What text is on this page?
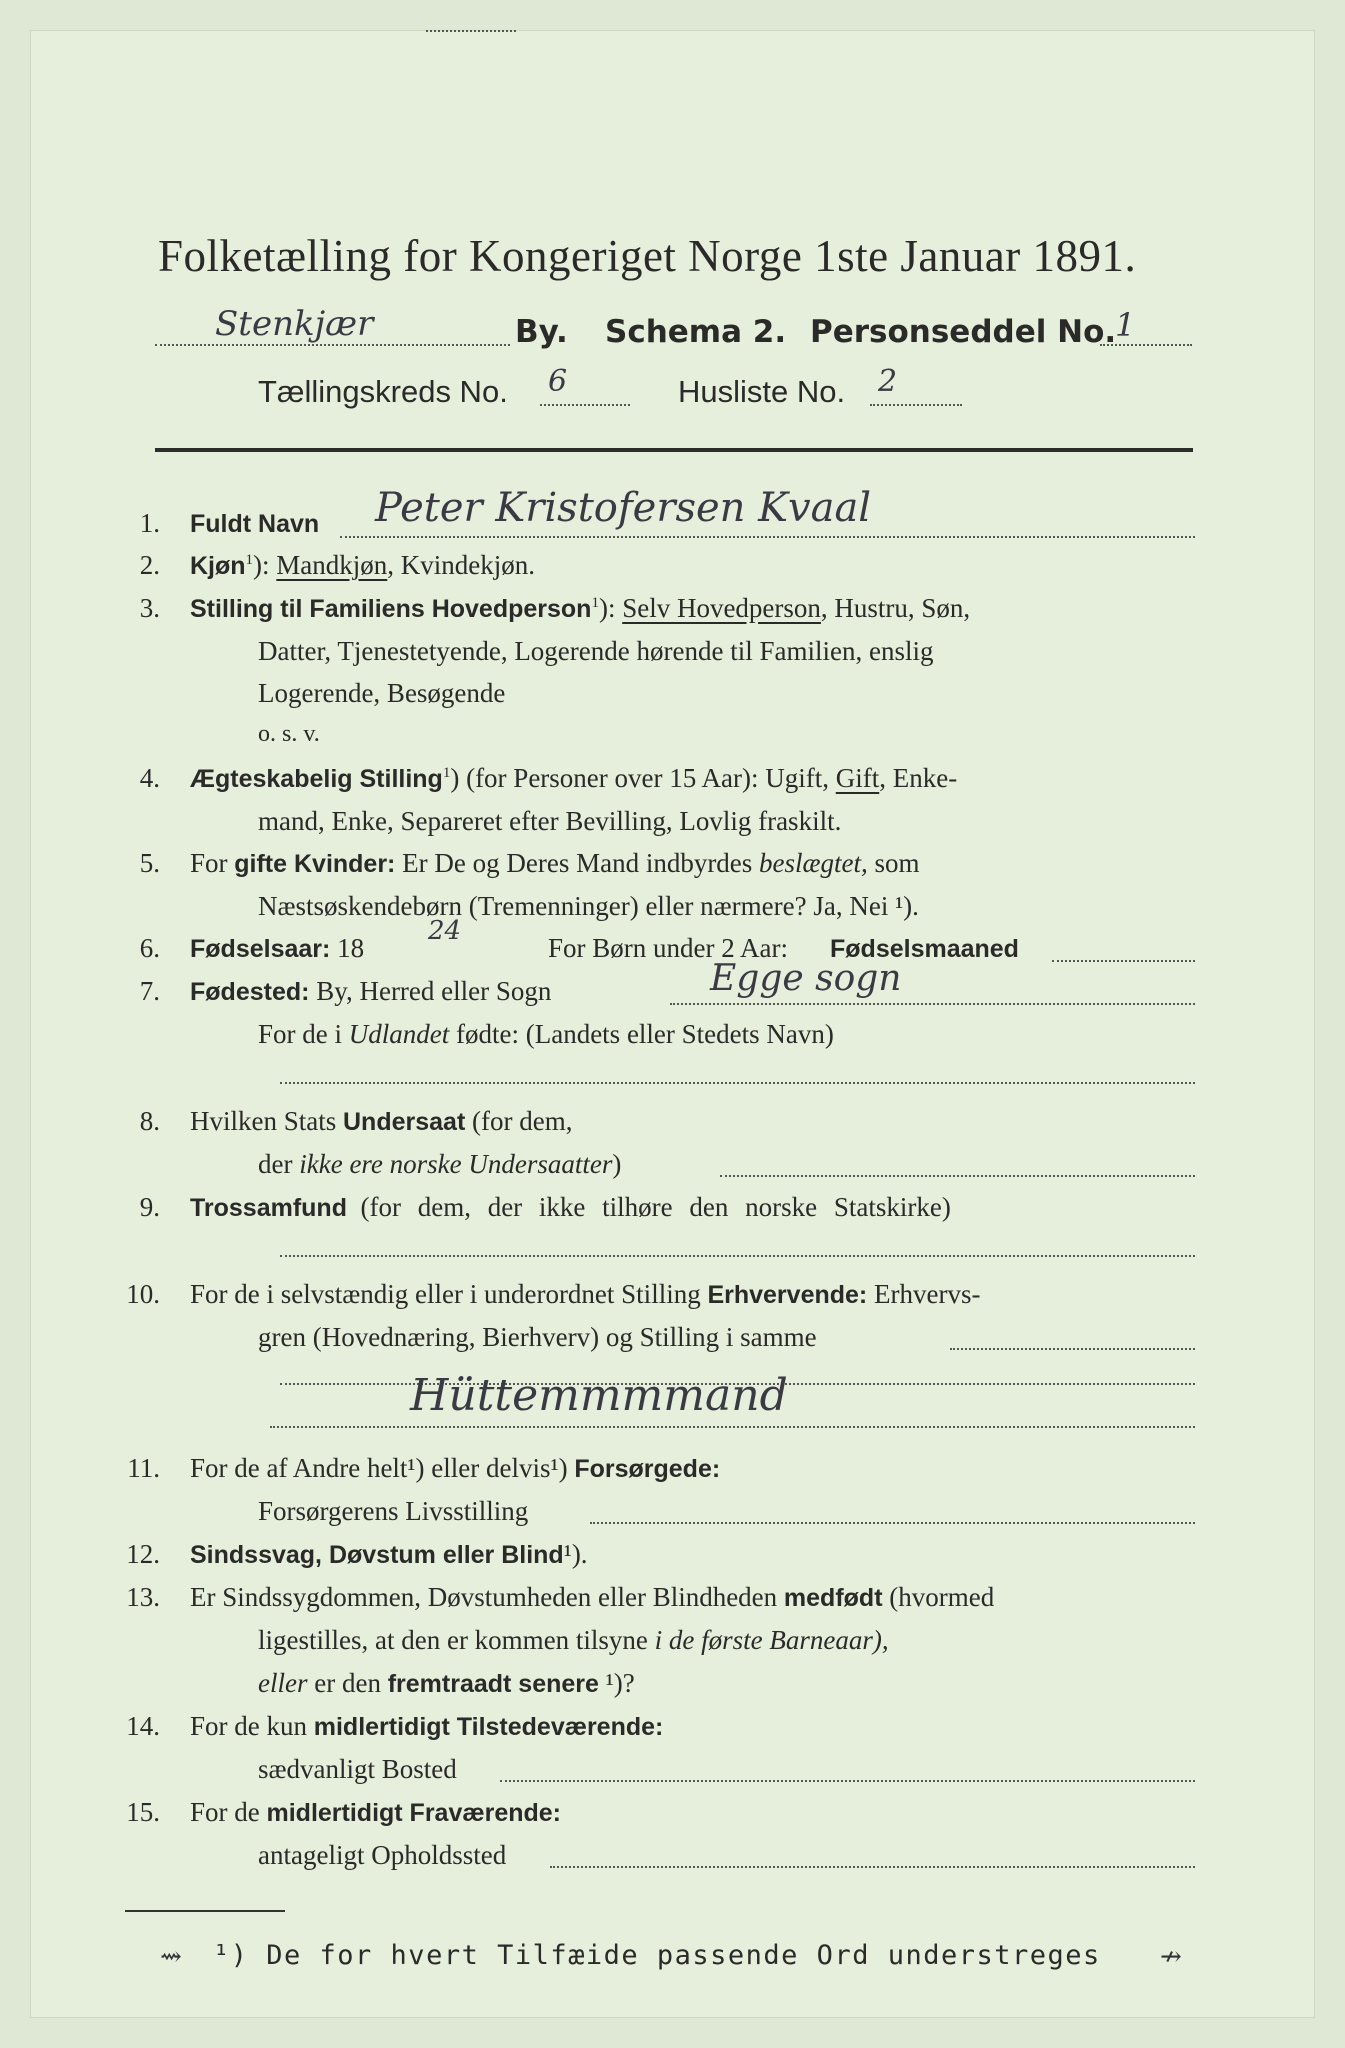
Folketælling for Kongeriget Norge 1ste Januar 1891.
Stenkjær	By. Schema 2. Personseddel No.
1
Tællingskreds No. 6	Husliste No. 2
1. Fuldt Navn Peter Kristofersen Kvaal
2. Kjøn$^1$): Mandkjøn, Kvindekjøn.
3. Stilling til Familiens Hovedperson$^1$): Selv Hovedperson, Hustru, Søn,
Datter, Tjenestetyende, Logerende hørende til Familien, enslig
Logerende, Besøgende
o. s. v.
4. Ægteskabelig Stilling$^1$) (for Personer over 15 Aar): Ugift, Gift, Enke-
mand, Enke, Separeret efter Bevilling, Lovlig fraskilt.
5. For gifte Kvinder: Er De og Deres Mand indbyrdes beslægtet, som
Næstsøskendebørn (Tremenninger) eller nærmere? Ja, Nei ¹).
6. Fødselsaar: 18
24
For Børn under 2 Aar: Fødselsmaaned
7. Fødested: By, Herred eller Sogn	Egge sogn
For de i Udlandet fødte: (Landets eller Stedets Navn)
8. Hvilken Stats Undersaat (for dem,
der ikke ere norske Undersaatter)
9. Trossamfund (for dem, der ikke tilhøre den norske Statskirke)
10. For de i selvstændig eller i underordnet Stilling Erhvervende: Erhvervs-
gren (Hovednæring, Bierhverv) og Stilling i samme
Hüttemmmmand
11. For de af Andre helt¹) eller delvis¹) Forsørgede:
Forsørgerens Livsstilling
12. Sindssvag, Døvstum eller Blind¹).
13. Er Sindssygdommen, Døvstumheden eller Blindheden medfødt (hvormed
ligestilles, at den er kommen tilsyne i de første Barneaar),
eller er den fremtraadt senere ¹)?
14. For de kun midlertidigt Tilstedeværende:
sædvanligt Bosted
15. For de midlertidigt Fraværende:
antageligt Opholdssted
¹) De for hvert Tilfæide passende Ord understreges
⇝	↛
